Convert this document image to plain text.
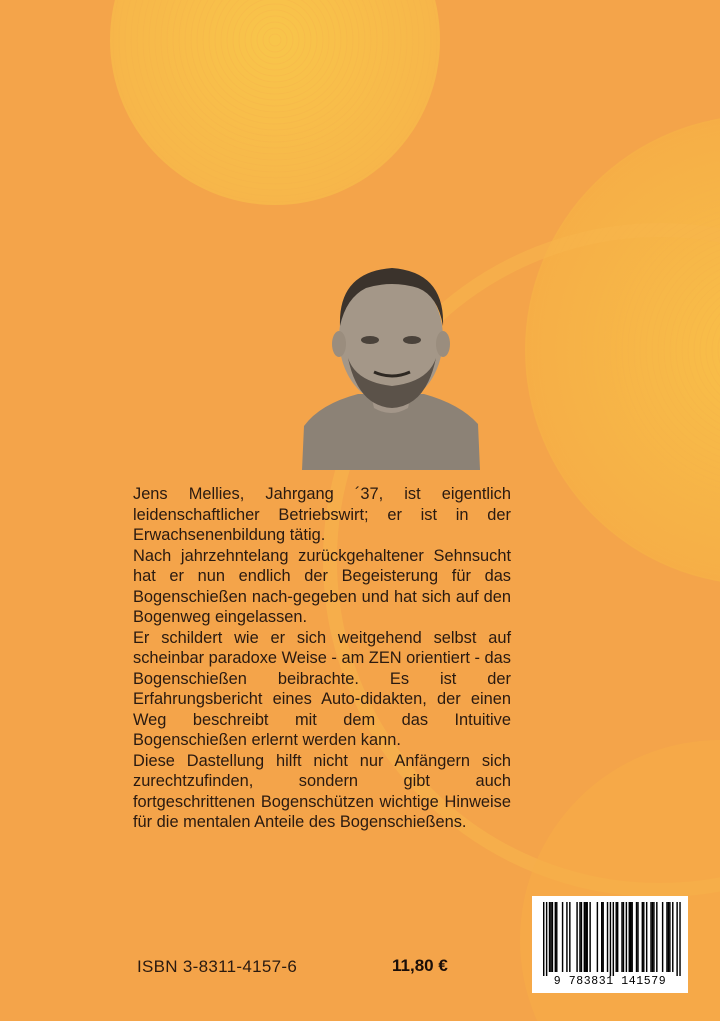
Jens Mellies, Jahrgang ´37, ist eigentlich leidenschaftlicher Betriebswirt; er ist in der Erwachsenenbildung tätig.

Nach jahrzehntelang zurückgehaltener Sehnsucht hat er nun endlich der Begeisterung für das Bogenschießen nach-gegeben und hat sich auf den Bogenweg eingelassen.

Er schildert wie er sich weitgehend selbst auf scheinbar paradoxe Weise - am ZEN orientiert - das Bogenschießen beibrachte. Es ist der Erfahrungsbericht eines Auto-didakten, der einen Weg beschreibt mit dem das Intuitive Bogenschießen erlernt werden kann.

Diese Dastellung hilft nicht nur Anfängern sich zurechtzufinden, sondern gibt auch fortgeschrittenen Bogenschützen wichtige Hinweise für die mentalen Anteile des Bogenschießens.

ISBN 3-8311-4157-6	11,80 €
9 783831 141579
